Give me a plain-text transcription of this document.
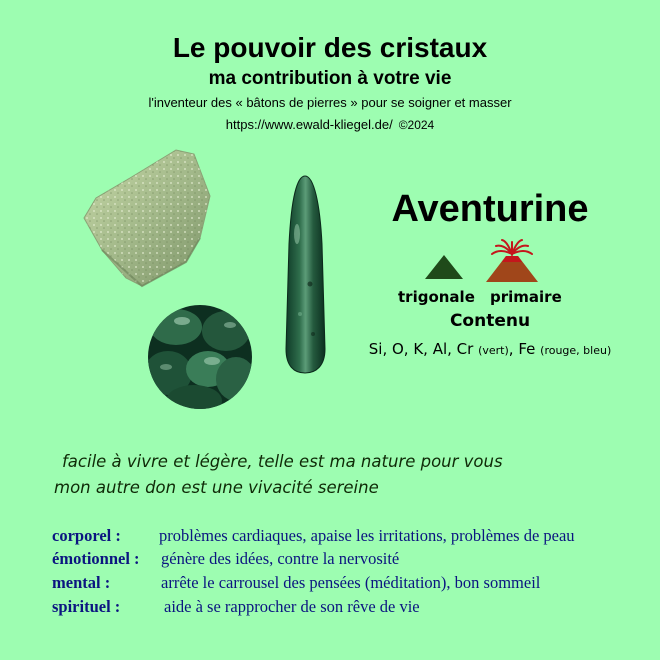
Le pouvoir des cristaux
ma contribution à votre vie
l'inventeur des « bâtons de pierres » pour se soigner et masser
https://www.ewald-kliegel.de/ ©2024
Aventurine
trigonale primaire
Contenu
Si, O, K, Al, Cr (vert), Fe (rouge, bleu)
facile à vivre et légère, telle est ma nature pour vous
mon autre don est une vivacité sereine
corporel : problèmes cardiaques, apaise les irritations, problèmes de peau
émotionnel : génère des idées, contre la nervosité
mental :	arrête le carrousel des pensées (méditation), bon sommeil
spirituel :	aide à se rapprocher de son rêve de vie
